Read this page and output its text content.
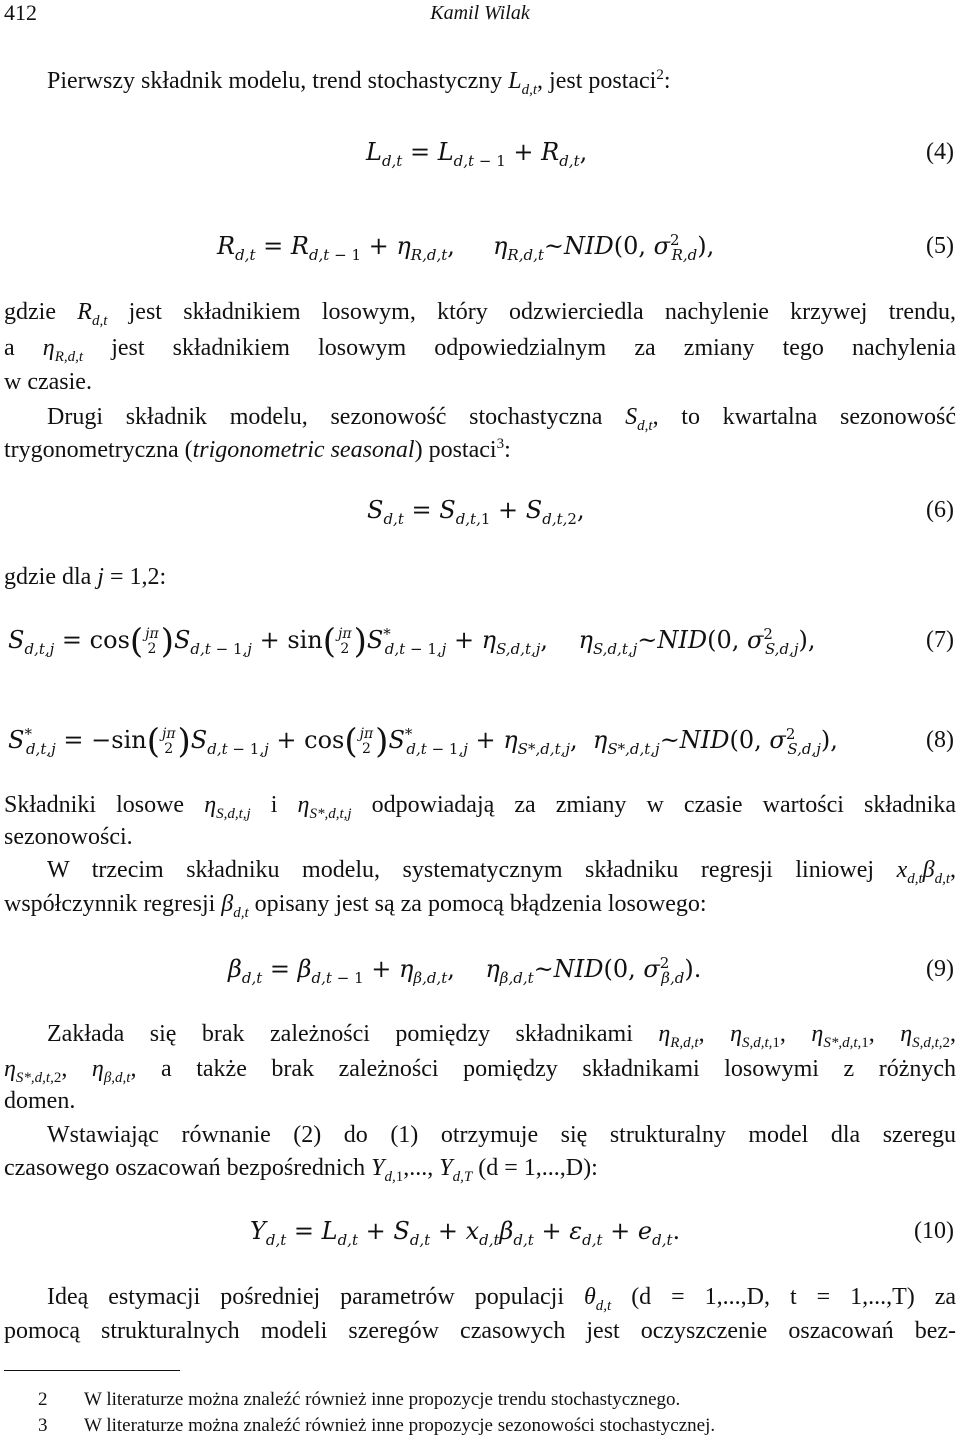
412	Kamil Wilak
Pierwszy składnik modelu, trend stochastyczny $L_{d,t}$, jest postaci$^2$:
$L_{d,t} = L_{d,t - 1} + R_{d,t}$,	(4)
$R_{d,t} = R_{d,t - 1} + \eta_{R,d,t}$,     $\eta_{R,d,t}\sim NID(0$, $\sigma^2_{R,d}$),	(5)
gdzie $R_{d,t}$ jest składnikiem losowym, który odzwierciedla nachylenie krzywej trendu,
a $\eta_{R,d,t}$ jest składnikiem losowym odpowiedzialnym za zmiany tego nachylenia
w czasie.
Drugi składnik modelu, sezonowość stochastyczna $S_{d,t}$, to kwartalna sezonowość
trygonometryczna (trigonometric seasonal) postaci$^3$:
$S_{d,t} = S_{d,t,1} + S_{d,t,2}$,	(6)
gdzie dla j = 1,2:
$S_{d,t,j} = \cos$( jπ
2 )$S_{d,t - 1,j} + \sin$( jπ
2 )$S^*_{d,t - 1,j} + \eta_{S,d,t,j}$,    $\eta_{S,d,t,j}\sim NID(0$, $\sigma^2_{S,d,j}$),	(7)
$S^*_{d,t,j} = -\sin$( jπ
2 )$S_{d,t - 1,j} + \cos$( jπ
2 )$S^*_{d,t - 1,j} + \eta_{S*,d,t,j}$,  $\eta_{S*,d,t,j}\sim NID(0$, $\sigma^2_{S,d,j}$),	(8)
Składniki losowe $\eta_{S,d,t,j}$ i $\eta_{S*,d,t,j}$ odpowiadają za zmiany w czasie wartości składnika
sezonowości.
W trzecim składniku modelu, systematycznym składniku regresji liniowej $x_{d,t}\beta_{d,t}$,
współczynnik regresji $\beta_{d,t}$ opisany jest są za pomocą błądzenia losowego:
$\beta_{d,t} = \beta_{d,t - 1} + \eta_{\beta,d,t}$,    $\eta_{\beta,d,t}\sim NID(0$, $\sigma^2_{\beta,d}$).	(9)
Zakłada się brak zależności pomiędzy składnikami $\eta_{R,d,t}$, $\eta_{S,d,t,1}$, $\eta_{S*,d,t,1}$, $\eta_{S,d,t,2}$,
$\eta_{S*,d,t,2}$, $\eta_{\beta,d,t}$, a także brak zależności pomiędzy składnikami losowymi z różnych
domen.
Wstawiając równanie (2) do (1) otrzymuje się strukturalny model dla szeregu
czasowego oszacowań bezpośrednich $Y_{d,1}$,..., $Y_{d,T}$ (d = 1,...,D):
$Y_{d,t} = L_{d,t} + S_{d,t} + x_{d,t}\beta_{d,t} + \varepsilon_{d,t} + e_{d,t}$.	(10)
Ideą estymacji pośredniej parametrów populacji $\theta_{d,t}$ (d = 1,...,D, t = 1,...,T) za
pomocą strukturalnych modeli szeregów czasowych jest oczyszczenie oszacowań bez-
2 W literaturze można znaleźć również inne propozycje trendu stochastycznego.
3 W literaturze można znaleźć również inne propozycje sezonowości stochastycznej.
